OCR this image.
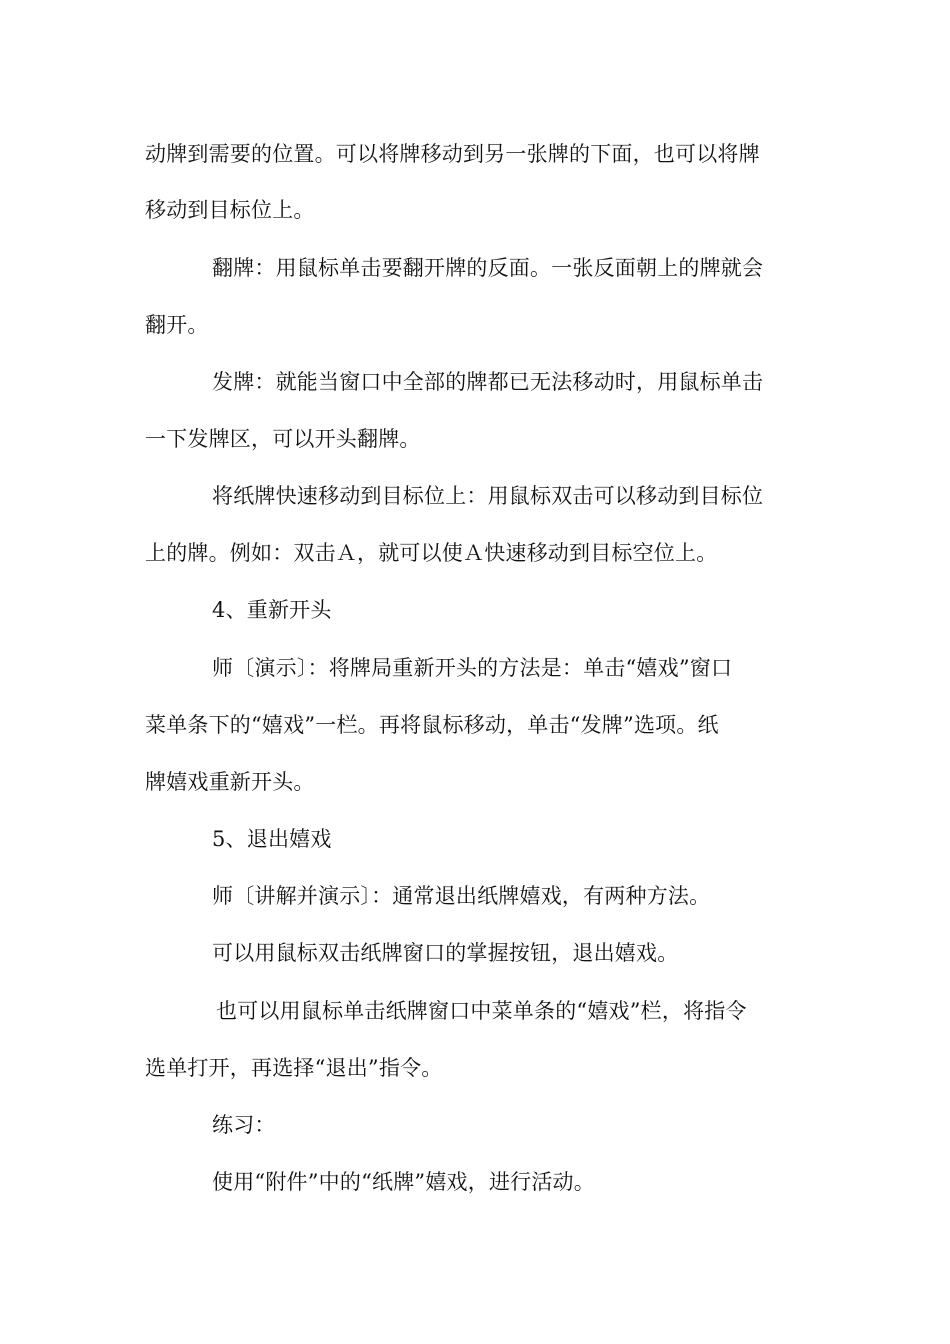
动牌到需要的位置。可以将牌移动到另一张牌的下面，也可以将牌
移动到目标位上。
翻牌：用鼠标单击要翻开牌的反面。一张反面朝上的牌就会
翻开。
发牌：就能当窗口中全部的牌都已无法移动时，用鼠标单击
一下发牌区，可以开头翻牌。
将纸牌快速移动到目标位上：用鼠标双击可以移动到目标位
上的牌。例如：双击Ａ，就可以使Ａ快速移动到目标空位上。
4、重新开头
师〔演示〕：将牌局重新开头的方法是：单击“嬉戏”窗口
菜单条下的“嬉戏”一栏。再将鼠标移动，单击“发牌”选项。纸
牌嬉戏重新开头。
5、退出嬉戏
师〔讲解并演示〕：通常退出纸牌嬉戏，有两种方法。
可以用鼠标双击纸牌窗口的掌握按钮，退出嬉戏。
也可以用鼠标单击纸牌窗口中菜单条的“嬉戏”栏，将指令
选单打开，再选择“退出”指令。
练习：
使用“附件”中的“纸牌”嬉戏，进行活动。
